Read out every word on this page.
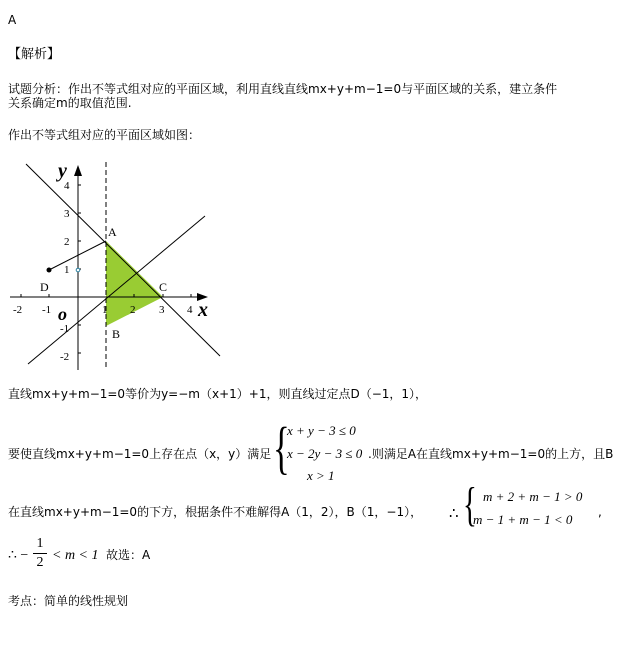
A
【解析】
试题分析：作出不等式组对应的平面区域，利用直线直线mx+y+m−1=0与平面区域的关系，建立条件
关系确定m的取值范围.
作出不等式组对应的平面区域如图：
y
x
o
4
3
2
1
-1
-2
-2 -1	1 2 3 4
A
B
C
D
直线mx+y+m−1=0等价为y=−m（x+1）+1，则直线过定点D（−1，1），
要使直线mx+y+m−1=0上存在点（x，y）满足 {
x + y − 3 ≤ 0
x − 2y − 3 ≤ 0
x > 1
.则满足A在直线mx+y+m−1=0的上方，且B
在直线mx+y+m−1=0的下方，根据条件不难解得A（1，2），B（1，−1）， ∴ { m + 2 + m − 1 > 0
m − 1 + m − 1 < 0 ,
∴ −
1
2 < m < 1 故选：A
考点：简单的线性规划
